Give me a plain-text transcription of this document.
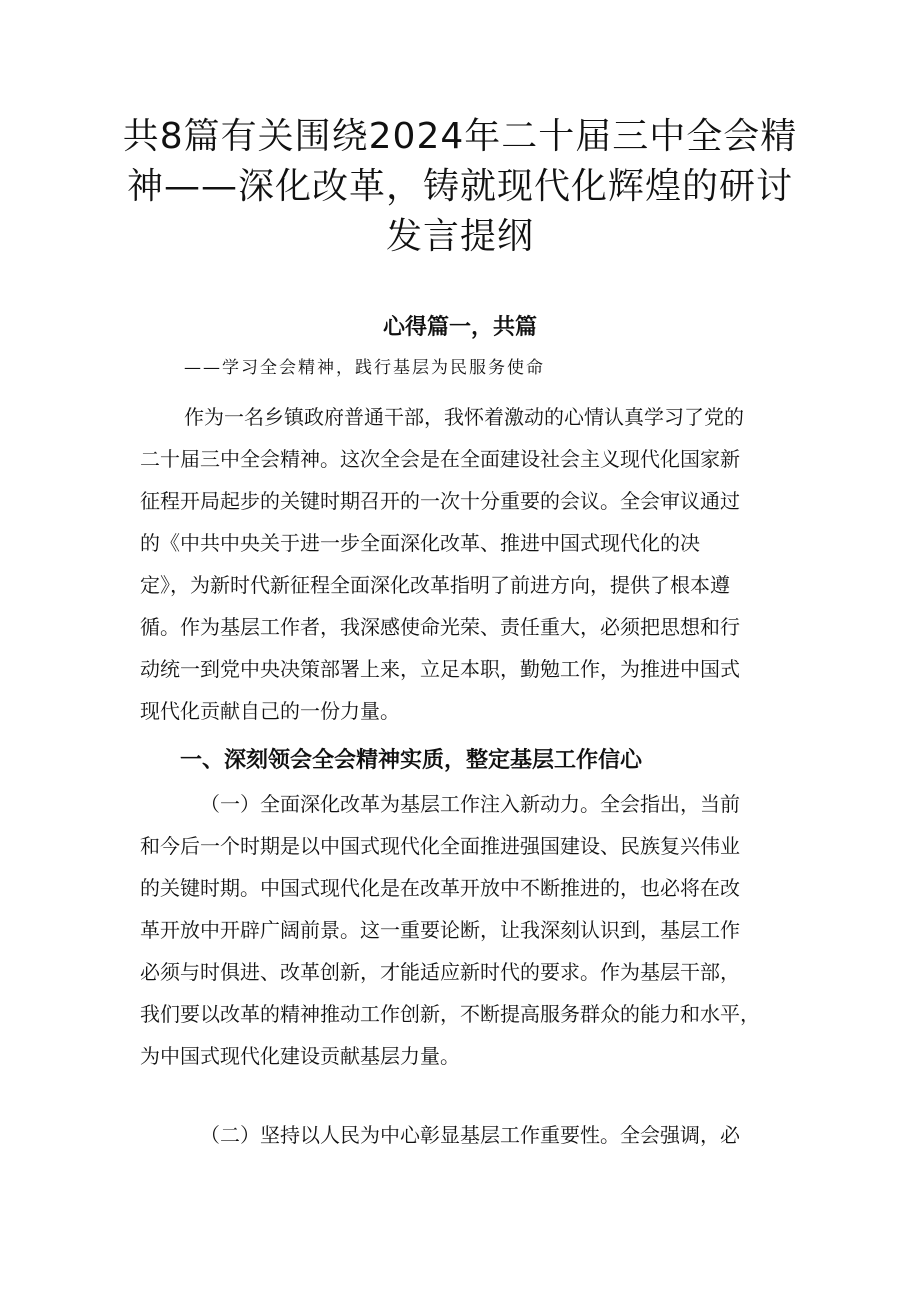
共8篇有关围绕2024年二十届三中全会精
神——深化改革，铸就现代化辉煌的研讨
发言提纲
心得篇一，共篇
——学习全会精神，践行基层为民服务使命
作为一名乡镇政府普通干部，我怀着激动的心情认真学习了党的
二十届三中全会精神。这次全会是在全面建设社会主义现代化国家新
征程开局起步的关键时期召开的一次十分重要的会议。全会审议通过
的《中共中央关于进一步全面深化改革、推进中国式现代化的决
定》，为新时代新征程全面深化改革指明了前进方向，提供了根本遵
循。作为基层工作者，我深感使命光荣、责任重大，必须把思想和行
动统一到党中央决策部署上来，立足本职，勤勉工作，为推进中国式
现代化贡献自己的一份力量。
一、深刻领会全会精神实质，整定基层工作信心
（一）全面深化改革为基层工作注入新动力。全会指出，当前
和今后一个时期是以中国式现代化全面推进强国建设、民族复兴伟业
的关键时期。中国式现代化是在改革开放中不断推进的，也必将在改
革开放中开辟广阔前景。这一重要论断，让我深刻认识到，基层工作
必须与时俱进、改革创新，才能适应新时代的要求。作为基层干部，
我们要以改革的精神推动工作创新，不断提高服务群众的能力和水平，
为中国式现代化建设贡献基层力量。
（二）坚持以人民为中心彰显基层工作重要性。全会强调，必
